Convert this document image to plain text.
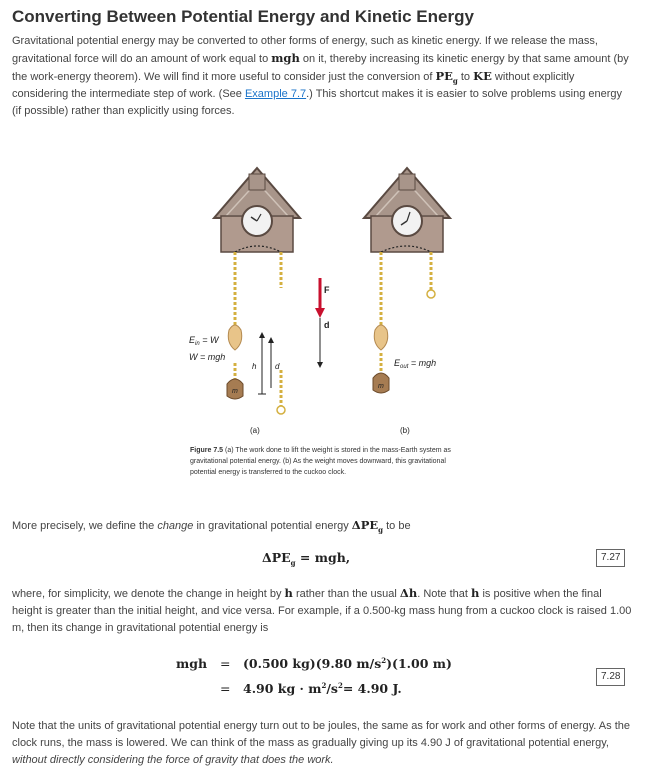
Converting Between Potential Energy and Kinetic Energy

Gravitational potential energy may be converted to other forms of energy, such as kinetic energy. If we release the mass, gravitational force will do an amount of work equal to mgh on it, thereby increasing its kinetic energy by that same amount (by the work-energy theorem). We will find it more useful to consider just the conversion of $PE_g$ to KE without explicitly considering the intermediate step of work. (See Example 7.7.) This shortcut makes it is easier to solve problems using energy (if possible) rather than explicitly using forces.

$E_{in} = W$
W = mgh
h d
m
F
d
$E_{out}$ = mgh
m
(a)	(b)

Figure 7.5 (a) The work done to lift the weight is stored in the mass-Earth system as gravitational potential energy. (b) As the weight moves downward, this gravitational potential energy is transferred to the cuckoo clock.

More precisely, we define the change in gravitational potential energy $\Delta PE_g$ to be

$\Delta PE_g$ = mgh,	7.27

where, for simplicity, we denote the change in height by h rather than the usual Δh. Note that h is positive when the final height is greater than the initial height, and vice versa. For example, if a 0.500-kg mass hung from a cuckoo clock is raised 1.00 m, then its change in gravitational potential energy is

mgh = (0.500 kg)(9.80 $m/s^2)(1.00$ m)
= 4.90 kg · $m^2/s^2= 4.90$ J.
7.28

Note that the units of gravitational potential energy turn out to be joules, the same as for work and other forms of energy. As the clock runs, the mass is lowered. We can think of the mass as gradually giving up its 4.90 J of gravitational potential energy, without directly considering the force of gravity that does the work.
